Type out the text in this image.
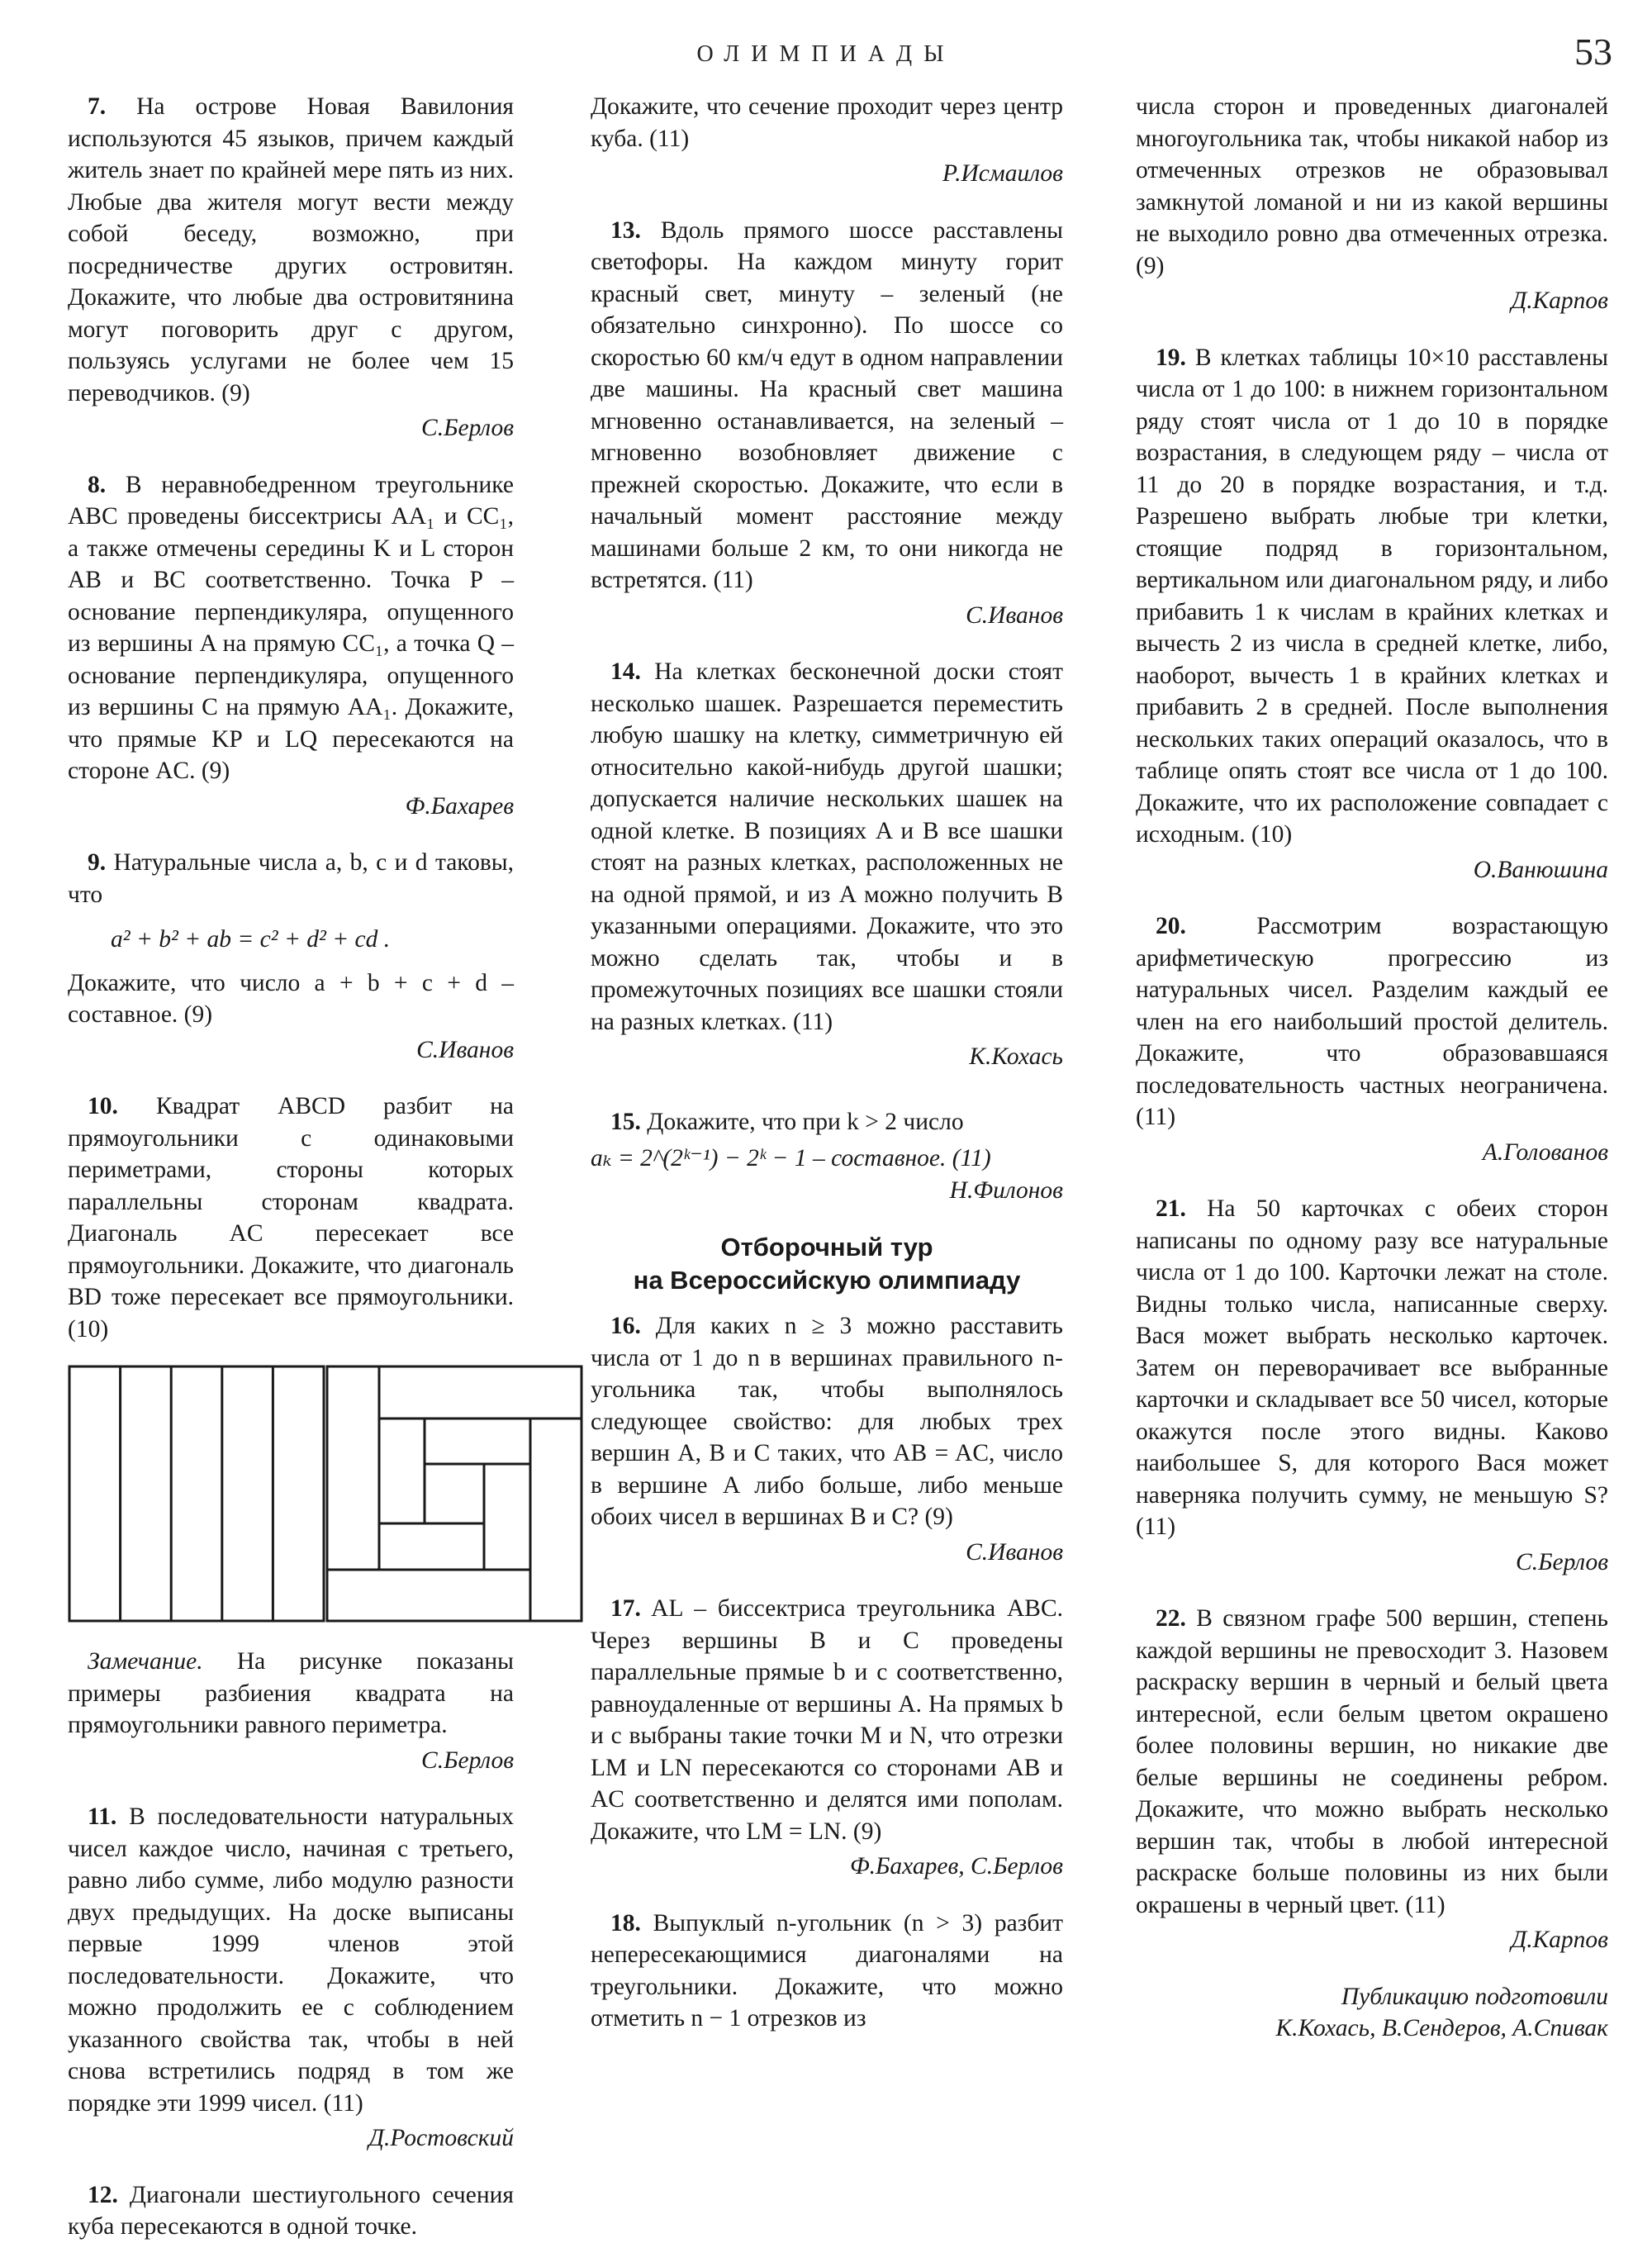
ОЛИМПИАДЫ	53

7. На острове Новая Вавилония используются 45 языков, причем каждый житель знает по крайней мере пять из них. Любые два жителя могут вести между собой беседу, возможно, при посредничестве других островитян. Докажите, что любые два островитянина могут поговорить друг с другом, пользуясь услугами не более чем 15 переводчиков. (9)

С.Берлов

8. В неравнобедренном треугольнике ABC проведены биссектрисы AA₁ и CC₁, а также отмечены середины K и L сторон AB и BC соответственно. Точка P – основание перпендикуляра, опущенного из вершины A на прямую CC₁, а точка Q – основание перпендикуляра, опущенного из вершины C на прямую AA₁. Докажите, что прямые KP и LQ пересекаются на стороне AC. (9)

Ф.Бахарев

9. Натуральные числа a, b, c и d таковы, что

a² + b² + ab = c² + d² + cd .

Докажите, что число a + b + c + d – составное. (9)

С.Иванов

10. Квадрат ABCD разбит на прямоугольники с одинаковыми периметрами, стороны которых параллельны сторонам квадрата. Диагональ AC пересекает все прямоугольники. Докажите, что диагональ BD тоже пересекает все прямоугольники. (10)

Замечание. На рисунке показаны примеры разбиения квадрата на прямоугольники равного периметра.

С.Берлов

11. В последовательности натуральных чисел каждое число, начиная с третьего, равно либо сумме, либо модулю разности двух предыдущих. На доске выписаны первые 1999 членов этой последовательности. Докажите, что можно продолжить ее с соблюдением указанного свойства так, чтобы в ней снова встретились подряд в том же порядке эти 1999 чисел. (11)

Д.Ростовский

12. Диагонали шестиугольного сечения куба пересекаются в одной точке.

Докажите, что сечение проходит через центр куба. (11)

Р.Исмаилов

13. Вдоль прямого шоссе расставлены светофоры. На каждом минуту горит красный свет, минуту – зеленый (не обязательно синхронно). По шоссе со скоростью 60 км/ч едут в одном направлении две машины. На красный свет машина мгновенно останавливается, на зеленый – мгновенно возобновляет движение с прежней скоростью. Докажите, что если в начальный момент расстояние между машинами больше 2 км, то они никогда не встретятся. (11)

С.Иванов

14. На клетках бесконечной доски стоят несколько шашек. Разрешается переместить любую шашку на клетку, симметричную ей относительно какой-нибудь другой шашки; допускается наличие нескольких шашек на одной клетке. В позициях A и B все шашки стоят на разных клетках, расположенных не на одной прямой, и из A можно получить B указанными операциями. Докажите, что это можно сделать так, чтобы и в промежуточных позициях все шашки стояли на разных клетках. (11)

К.Кохась

15. Докажите, что при k > 2 число

aₖ = 2^(2ᵏ⁻¹) − 2ᵏ − 1 – составное. (11)
Н.Филонов
Отборочный тур
на Всероссийскую олимпиаду

16. Для каких n ≥ 3 можно расставить числа от 1 до n в вершинах правильного n-угольника так, чтобы выполнялось следующее свойство: для любых трех вершин A, B и C таких, что AB = AC, число в вершине A либо больше, либо меньше обоих чисел в вершинах B и C? (9)

С.Иванов

17. AL – биссектриса треугольника ABC. Через вершины B и C проведены параллельные прямые b и c соответственно, равноудаленные от вершины A. На прямых b и c выбраны такие точки M и N, что отрезки LM и LN пересекаются со сторонами AB и AC соответственно и делятся ими пополам. Докажите, что LM = LN. (9)

Ф.Бахарев, С.Берлов

18. Выпуклый n-угольник (n > 3) разбит непересекающимися диагоналями на треугольники. Докажите, что можно отметить n − 1 отрезков из

числа сторон и проведенных диагоналей многоугольника так, чтобы никакой набор из отмеченных отрезков не образовывал замкнутой ломаной и ни из какой вершины не выходило ровно два отмеченных отрезка. (9)

Д.Карпов

19. В клетках таблицы 10×10 расставлены числа от 1 до 100: в нижнем горизонтальном ряду стоят числа от 1 до 10 в порядке возрастания, в следующем ряду – числа от 11 до 20 в порядке возрастания, и т.д. Разрешено выбрать любые три клетки, стоящие подряд в горизонтальном, вертикальном или диагональном ряду, и либо прибавить 1 к числам в крайних клетках и вычесть 2 из числа в средней клетке, либо, наоборот, вычесть 1 в крайних клетках и прибавить 2 в средней. После выполнения нескольких таких операций оказалось, что в таблице опять стоят все числа от 1 до 100. Докажите, что их расположение совпадает с исходным. (10)

О.Ванюшина

20.	Рассмотрим возрастающую арифметическую прогрессию из натуральных чисел. Разделим каждый ее член на его наибольший простой делитель. Докажите, что образовавшаяся последовательность частных неограничена. (11)

А.Голованов

21. На 50 карточках с обеих сторон написаны по одному разу все натуральные числа от 1 до 100. Карточки лежат на столе. Видны только числа, написанные сверху. Вася может выбрать несколько карточек. Затем он переворачивает все выбранные карточки и складывает все 50 чисел, которые окажутся после этого видны. Каково наибольшее S, для которого Вася может наверняка получить сумму, не меньшую S? (11)

С.Берлов

22. В связном графе 500 вершин, степень каждой вершины не превосходит 3. Назовем раскраску вершин в черный и белый цвета интересной, если белым цветом окрашено более половины вершин, но никакие две белые вершины не соединены ребром. Докажите, что можно выбрать несколько вершин так, чтобы в любой интересной раскраске больше половины из них были окрашены в черный цвет. (11)

Д.Карпов
Публикацию подготовили
К.Кохась, В.Сендеров, А.Спивак
